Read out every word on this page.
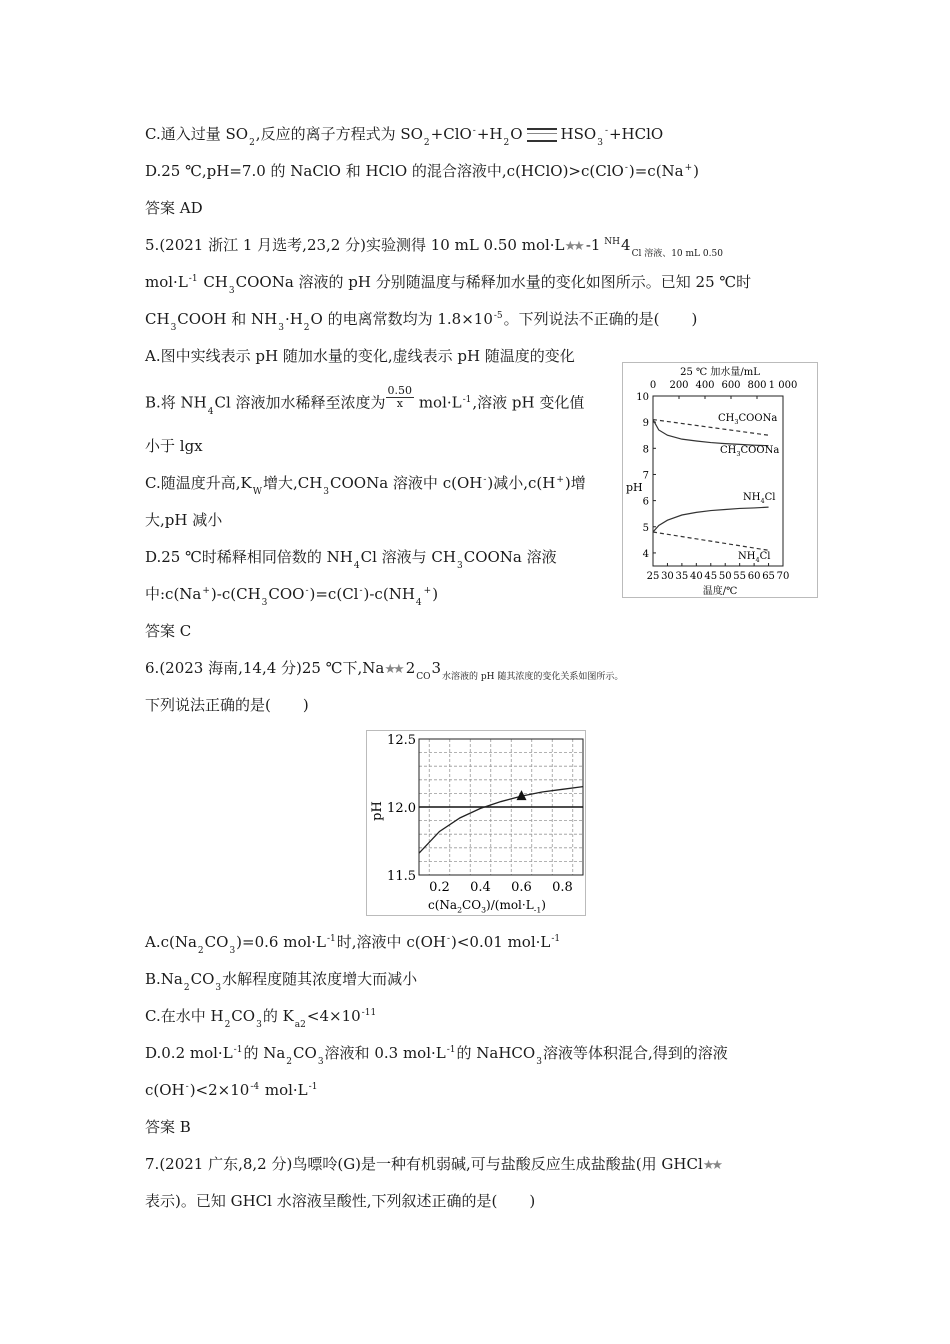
C.通入过量 $SO_2$,反应的离子方程式为 $SO_2+ClO^-+H_2O$	$HSO_3^-+HClO$
D.25 ℃,pH=7.0 的 NaClO 和 HClO 的混合溶液中,c(HClO)>c(ClO-)=c(Na+)
答案 AD
5.(2021 浙江 1 月选考,23,2 分)实验测得 10 mL 0.50 mol·L★★ -1 $^{NH}4_{Cl 溶液、10 mL 0.50}$
$mol\cdot L^{-1}$ $CH_3COONa$ 溶液的 pH 分别随温度与稀释加水量的变化如图所示。已知 25 ℃时
$CH_3COOH$ 和 $NH_3\cdot H_2O$ 的电离常数均为 $1.8\times 10^{-5}$。下列说法不正确的是( )
A.图中实线表示 pH 随加水量的变化,虚线表示 pH 随温度的变化
B.将 $NH_4Cl$ 溶液加水稀释至浓度为 $\frac{0.50}{x} mol\cdot L^{-1}$,溶液 pH 变化值
小于 lgx
C.随温度升高$,K_W$增大$,CH_3COONa$ 溶液中 c(OH-)减小,c(H+)增
大,pH 减小
D.25 ℃时稀释相同倍数的 $NH_4Cl$ 溶液与 $CH_3COONa$ 溶液
中$:c(Na^+)-c(CH_3COO^-)=c(Cl^-)-c(NH_4^+)$
答案 C
6.(2023 海南,14,4 分)25 ℃下,Na★★ $2_{CO}3_{水溶液的 pH 随其浓度的变化关系如图所示。}$
下列说法正确的是( )
$A.c(Na_2CO_3)=0.6$ $mol\cdot L^{-1}$时,溶液中 c(OH-)<0.01 $mol\cdot L^{-1}$
$B.Na_2CO_3$水解程度随其浓度增大而减小
C.在水中 $H_2CO_3$的 $K_{a2}<4\times 10^{-11}$
D.0.2 $mol\cdot L^{-1}$的 $Na_2CO_3$溶液和 0.3 $mol\cdot L^{-1}$的 NaHCO$_3$溶液等体积混合,得到的溶液
$c(OH^-)<2\times 10^{-4}$ $mol\cdot L^{-1}$
答案 B
7.(2021 广东,8,2 分)鸟嘌呤(G)是一种有机弱碱,可与盐酸反应生成盐酸盐(用 GHCl★★
表示)。已知 GHCl 水溶液呈酸性,下列叙述正确的是( )
25 ℃ 加水量/mL
0 200 400 600 800 1 000
25 30 35 40 45 50 55 60 65 70
温度/℃
4
5
6
7
8
9
10
pH
$CH_3COONa$
$CH_3COONa$
$NH_4Cl$
$NH_4Cl$
0.2 0.4 0.6 0.8
11.5
12.0
12.5
pH
$c(Na_2CO_3)/(mol\cdot L_{-1})$
